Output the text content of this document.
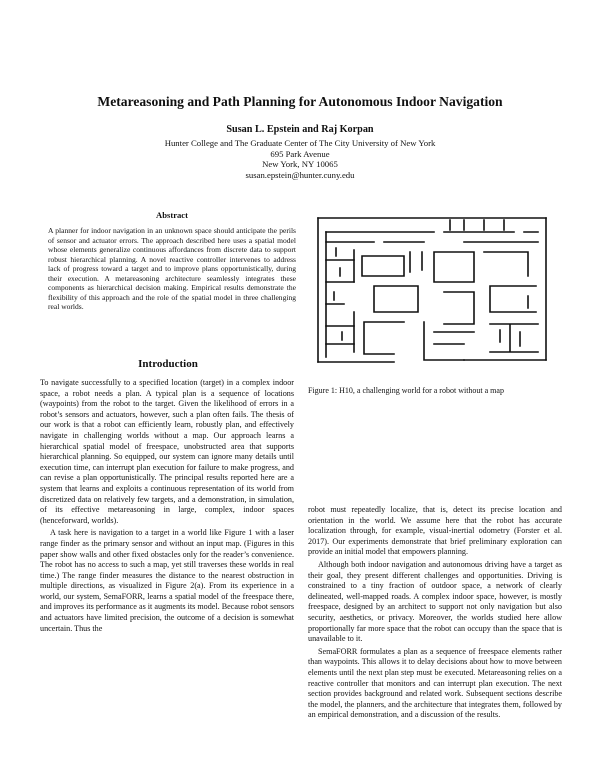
Metareasoning and Path Planning for Autonomous Indoor Navigation
Susan L. Epstein and Raj Korpan
Hunter College and The Graduate Center of The City University of New York
695 Park Avenue
New York, NY 10065
susan.epstein@hunter.cuny.edu
Abstract

A planner for indoor navigation in an unknown space should anticipate the perils of sensor and actuator errors. The approach described here uses a spatial model whose elements generalize continuous affordances from discrete data to support robust hierarchical planning. A novel reactive controller intervenes to address lack of progress toward a target and to improve plans opportunistically, during their execution. A metareasoning architecture seamlessly integrates these components as hierarchical decision making. Empirical results demonstrate the flexibility of this approach and the role of the spatial model in three challenging real worlds.

Introduction

To navigate successfully to a specified location (target) in a complex indoor space, a robot needs a plan. A typical plan is a sequence of locations (waypoints) from the robot to the target. Given the likelihood of errors in a robot’s sensors and actuators, however, such a plan often fails. The thesis of our work is that a robot can efficiently learn, robustly plan, and effectively navigate in challenging worlds without a map. Our approach learns a hierarchical spatial model of freespace, unobstructed area that supports hierarchical planning. So equipped, our system can ignore many details until execution time, can interrupt plan execution for failure to make progress, and can revise a plan opportunistically. The principal results reported here are a system that learns and exploits a continuous representation of its world from discretized data on relatively few targets, and a demonstration, in simulation, of its effective metareasoning in large, complex, indoor spaces (henceforward, worlds).

A task here is navigation to a target in a world like Figure 1 with a laser range finder as the primary sensor and without an input map. (Figures in this paper show walls and other fixed obstacles only for the reader’s convenience. The robot has no access to such a map, yet still traverses these worlds in real time.) The range finder measures the distance to the nearest obstruction in multiple directions, as visualized in Figure 2(a). From its experience in a world, our system, SemaFORR, learns a spatial model of the freespace there, and improves its performance as it augments its model. Because robot sensors and actuators have limited precision, the outcome of a decision is somewhat uncertain. Thus the

Figure 1: H10, a challenging world for a robot without a map

robot must repeatedly localize, that is, detect its precise location and orientation in the world. We assume here that the robot has accurate localization through, for example, visual-inertial odometry (Forster et al. 2017). Our experiments demonstrate that brief preliminary exploration can provide an initial model that empowers planning.

Although both indoor navigation and autonomous driving have a target as their goal, they present different challenges and opportunities. Driving is constrained to a tiny fraction of outdoor space, a network of clearly delineated, well-mapped roads. A complex indoor space, however, is mostly freespace, designed by an architect to support not only navigation but also security, aesthetics, or privacy. Moreover, the worlds studied here allow proportionally far more space that the robot can occupy than the space that is unavailable to it.

SemaFORR formulates a plan as a sequence of freespace elements rather than waypoints. This allows it to delay decisions about how to move between elements until the next plan step must be executed. Metareasoning relies on a reactive controller that monitors and can interrupt plan execution. The next section provides background and related work. Subsequent sections describe the model, the planners, and the architecture that integrates them, followed by an empirical demonstration, and a discussion of the results.
